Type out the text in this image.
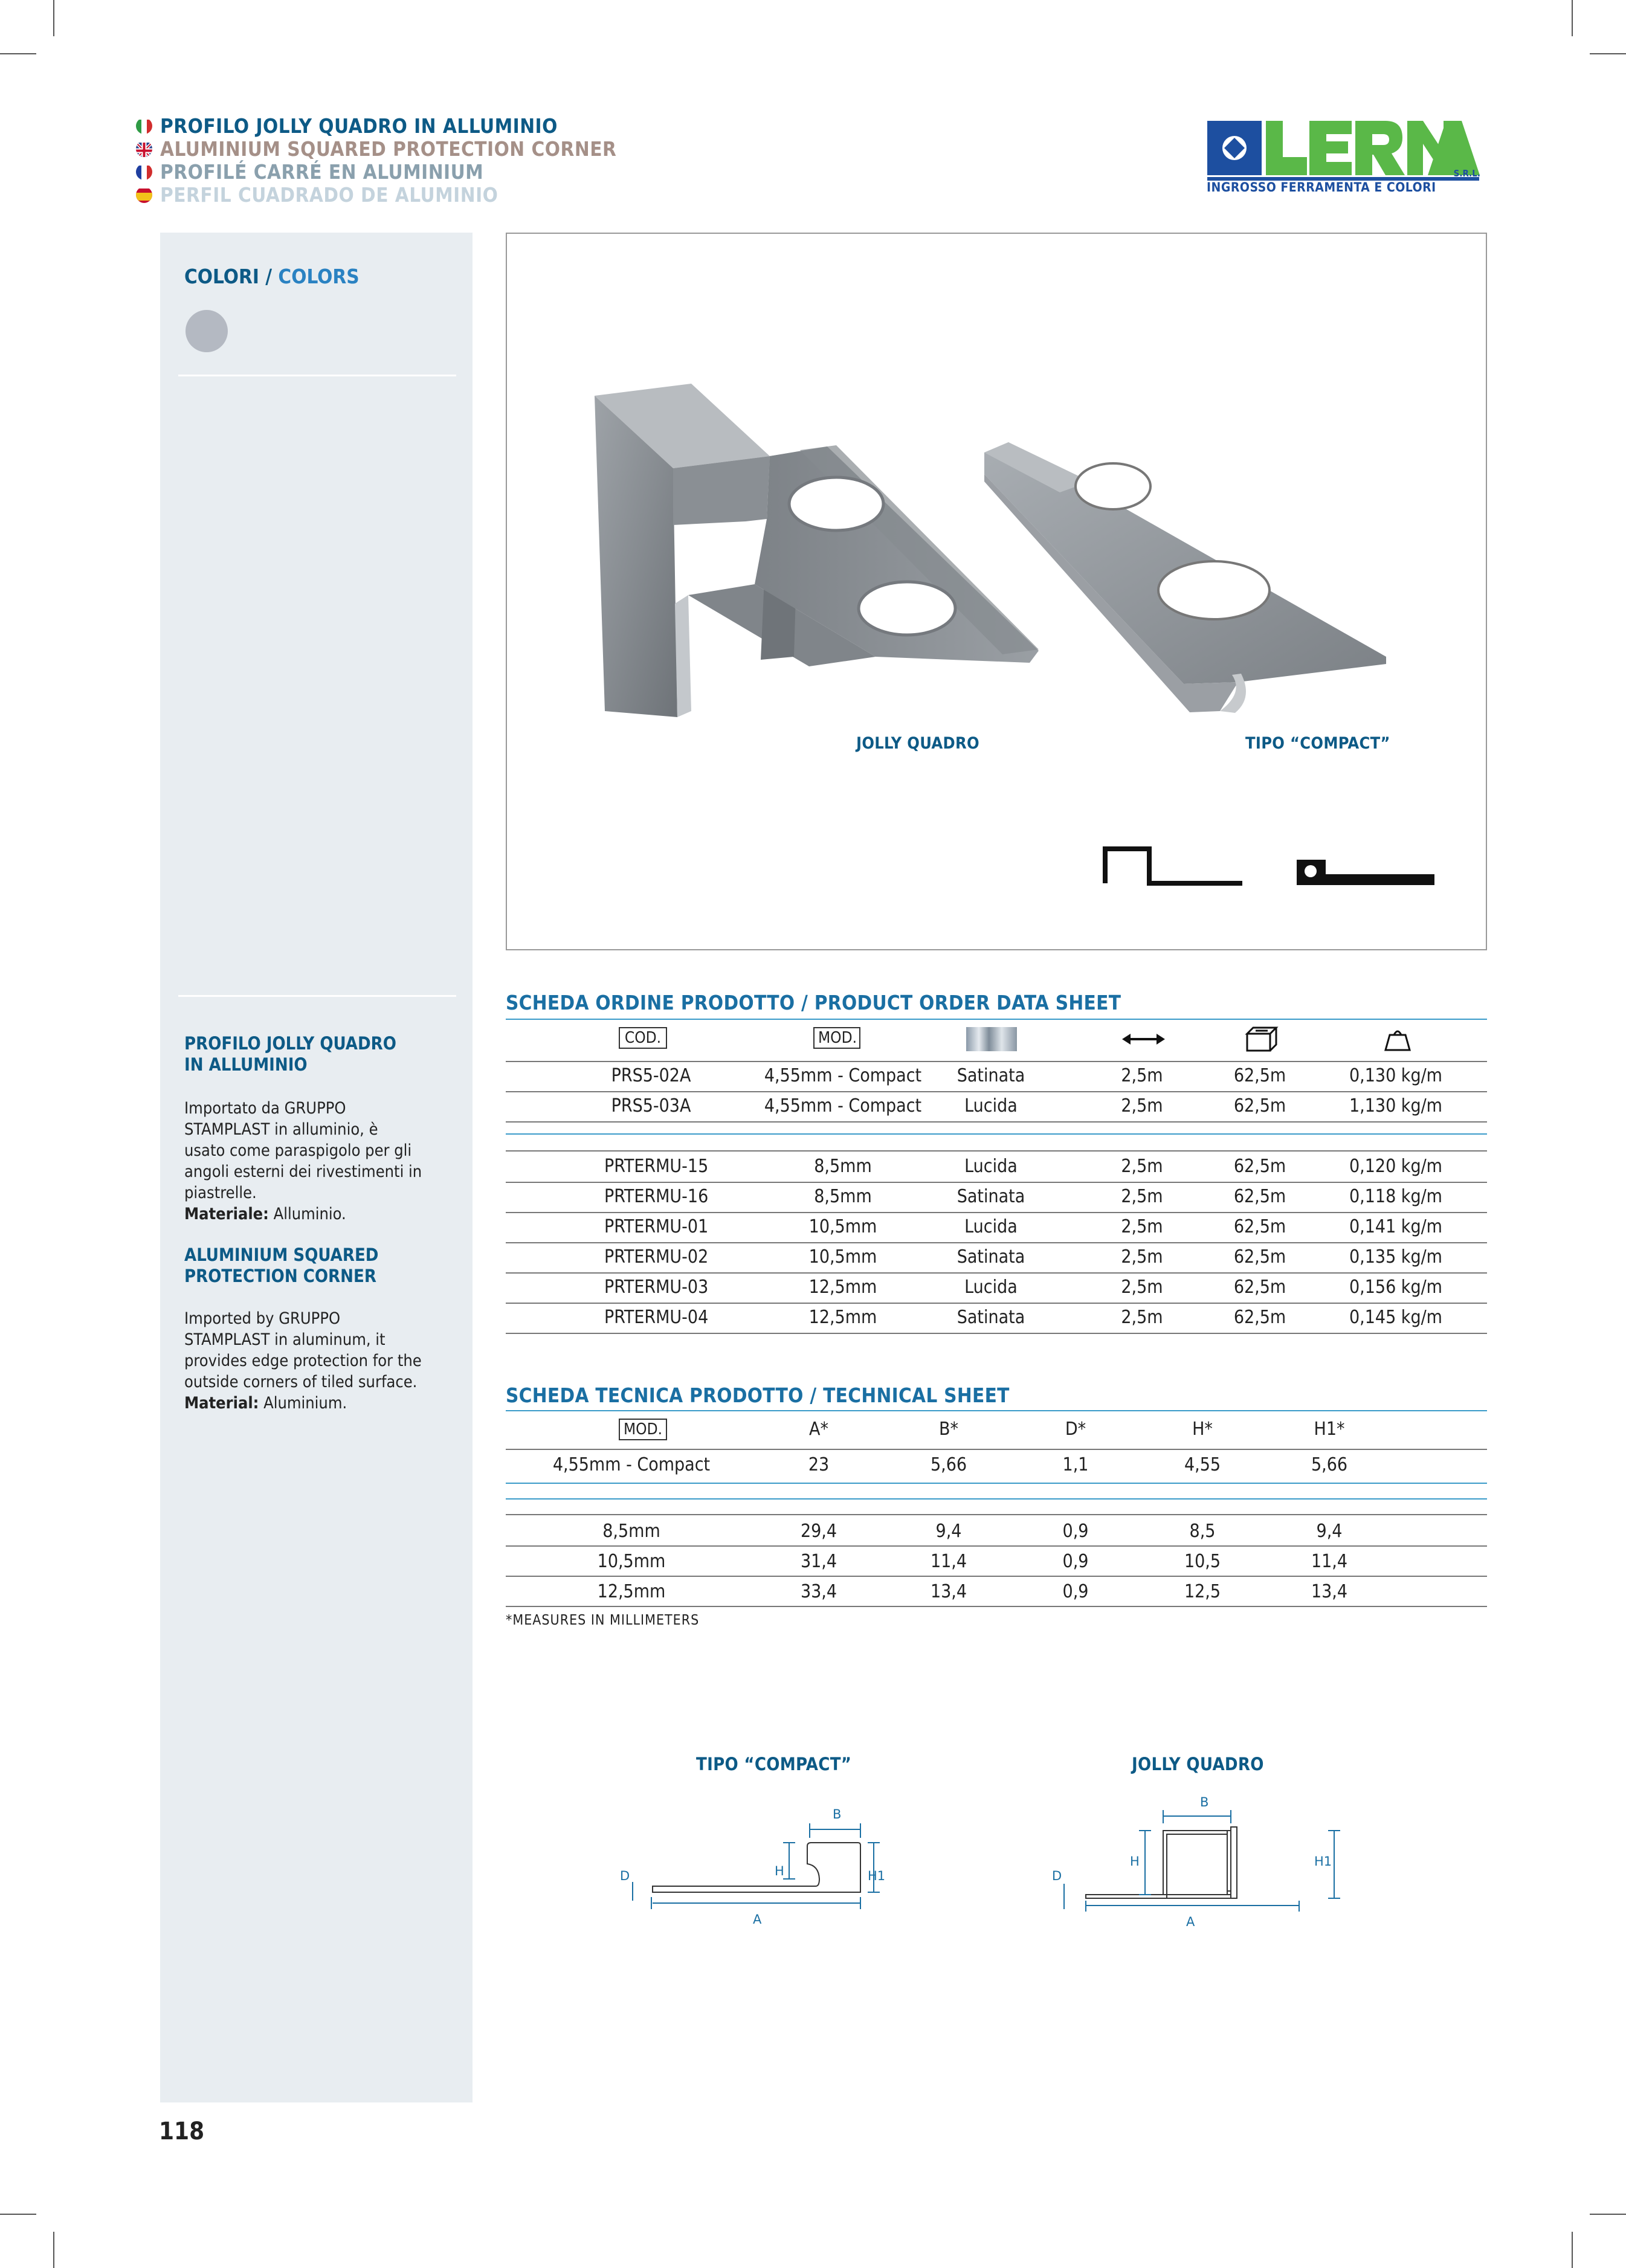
PROFILO JOLLY QUADRO IN ALLUMINIO
ALUMINIUM SQUARED PROTECTION CORNER
PROFILÉ CARRÉ EN ALUMINIUM
PERFIL CUADRADO DE ALUMINIO
S.R.L.
INGROSSO FERRAMENTA E COLORI
COLORI / COLORS
PROFILO JOLLY QUADRO
IN ALLUMINIO
Importato da GRUPPO
STAMPLAST in alluminio, è
usato come paraspigolo per gli
angoli esterni dei rivestimenti in
piastrelle.
Materiale: Alluminio.
ALUMINIUM SQUARED
PROTECTION CORNER
Imported by GRUPPO
STAMPLAST in aluminum, it
provides edge protection for the
outside corners of tiled surface.
Material: Aluminium.
JOLLY QUADRO	TIPO “COMPACT”
SCHEDA ORDINE PRODOTTO / PRODUCT ORDER DATA SHEET
COD.	MOD.
PRS5-02A	4,55mm - Compact	Satinata	2,5m	62,5m	0,130 kg/m
PRS5-03A	4,55mm - Compact	Lucida	2,5m	62,5m	1,130 kg/m
PRTERMU-15	8,5mm	Lucida	2,5m	62,5m	0,120 kg/m
PRTERMU-16	8,5mm	Satinata	2,5m	62,5m	0,118 kg/m
PRTERMU-01	10,5mm	Lucida	2,5m	62,5m	0,141 kg/m
PRTERMU-02	10,5mm	Satinata	2,5m	62,5m	0,135 kg/m
PRTERMU-03	12,5mm	Lucida	2,5m	62,5m	0,156 kg/m
PRTERMU-04	12,5mm	Satinata	2,5m	62,5m	0,145 kg/m
SCHEDA TECNICA PRODOTTO / TECHNICAL SHEET
MOD.	A*	B*	D*	H*	H1*
4,55mm - Compact	23	5,66	1,1	4,55	5,66
8,5mm	29,4	9,4	0,9	8,5	9,4
10,5mm	31,4	11,4	0,9	10,5	11,4
12,5mm	33,4	13,4	0,9	12,5	13,4
*MEASURES IN MILLIMETERS
TIPO “COMPACT”	JOLLY QUADRO
B
A
D	H	H1
B
A
D
H	H1
118
